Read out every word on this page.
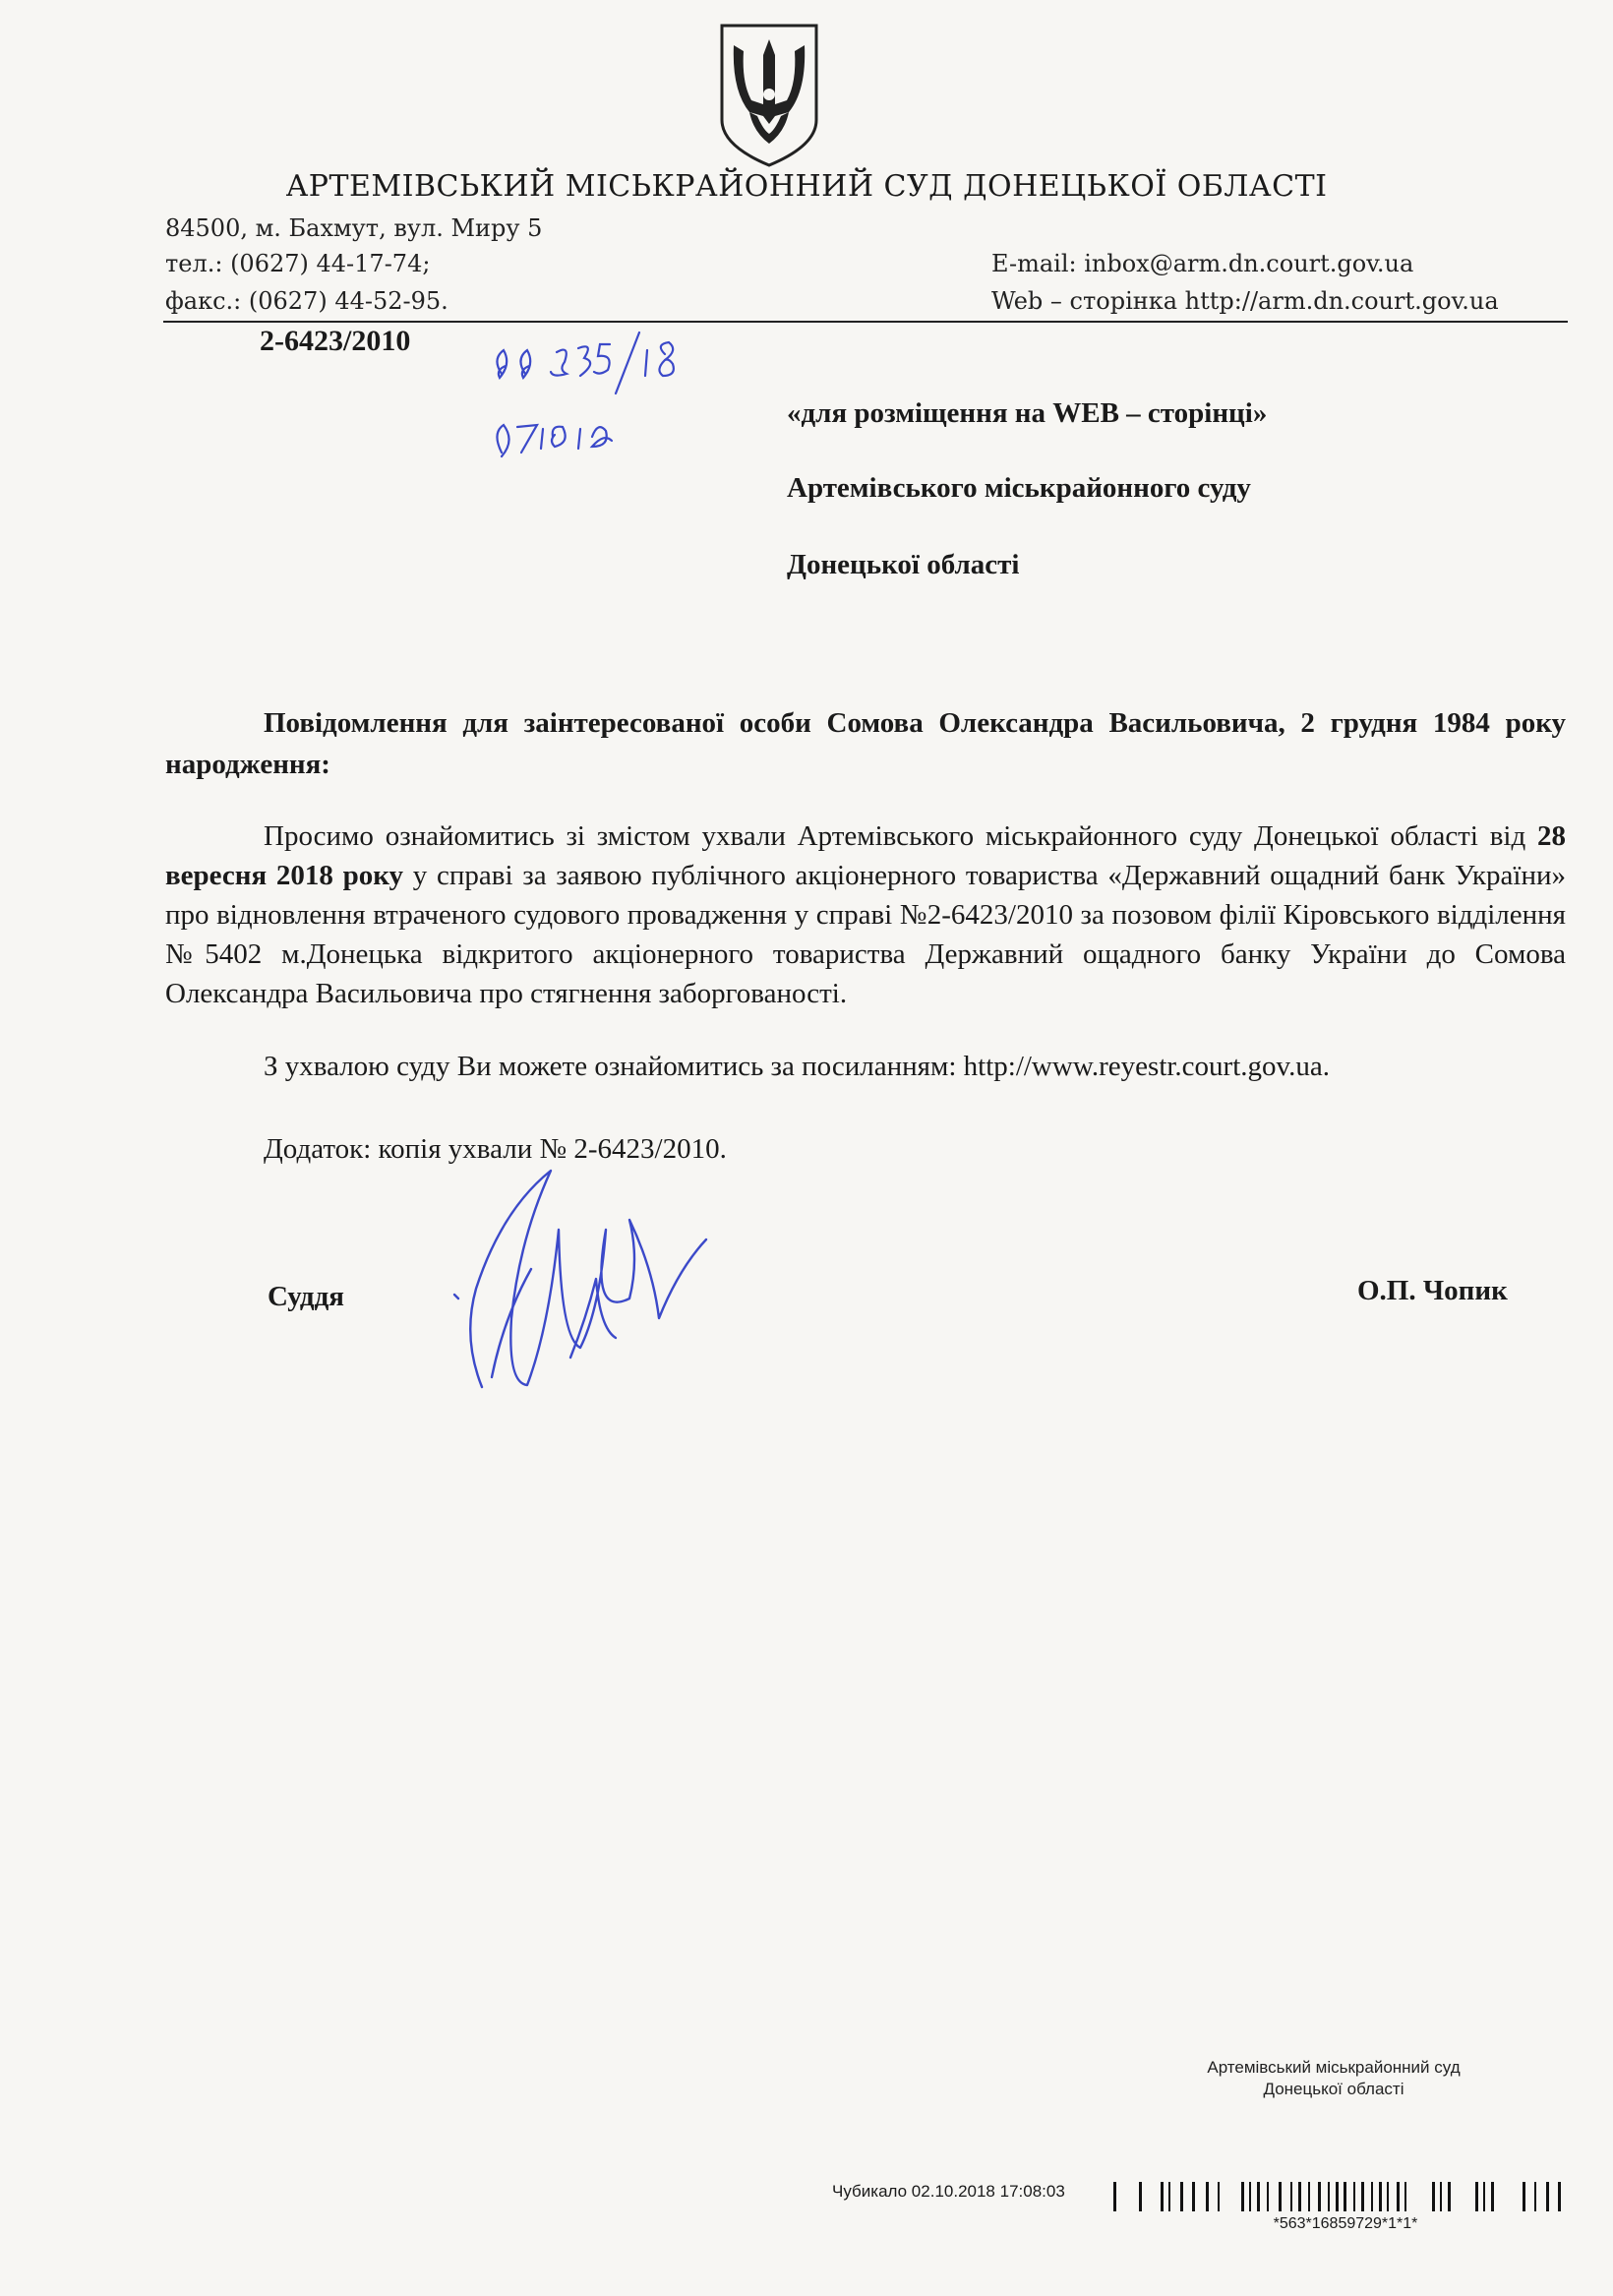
АРТЕМІВСЬКИЙ МІСЬКРАЙОННИЙ СУД ДОНЕЦЬКОЇ ОБЛАСТІ
84500, м. Бахмут, вул. Миру 5
тел.: (0627) 44-17-74;
факс.: (0627) 44-52-95.
E-mail: inbox@arm.dn.court.gov.ua
Web – сторінка http://arm.dn.court.gov.ua
2-6423/2010
«для розміщення на WEB – сторінці»
Артемівського міськрайонного суду
Донецької області
Повідомлення для заінтересованої особи Сомова Олександра Васильовича, 2 грудня 1984 року народження:
Просимо ознайомитись зі змістом ухвали Артемівського міськрайонного суду Донецької області від 28 вересня 2018 року у справі за заявою публічного акціонерного товариства «Державний ощадний банк України» про відновлення втраченого судового провадження у справі №2-6423/2010 за позовом філії Кіровського відділення №5402 м.Донецька відкритого акціонерного товариства Державний ощадного банку України до Сомова Олександра Васильовича про стягнення заборгованості.
З ухвалою суду Ви можете ознайомитись за посиланням: http://www.reyestr.court.gov.ua.
Додаток: копія ухвали № 2-6423/2010.
Суддя	О.П. Чопик
Артемівський міськрайонний суд
Донецької області
Чубикало 02.10.2018 17:08:03
*563*16859729*1*1*
